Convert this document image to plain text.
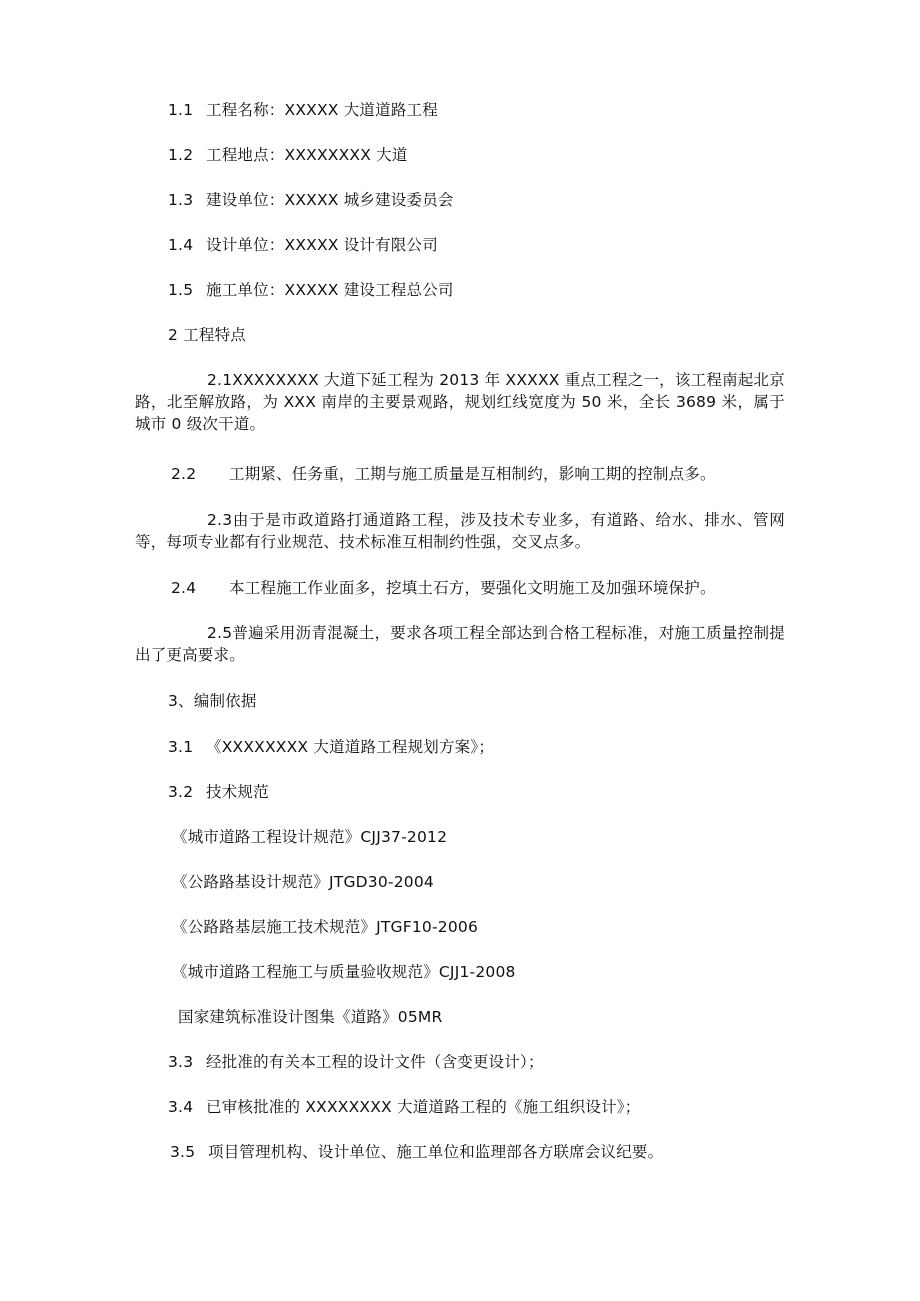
1.1 工程名称：XXXXX 大道道路工程
1.2 工程地点：XXXXXXXX 大道
1.3 建设单位：XXXXX 城乡建设委员会
1.4 设计单位：XXXXX 设计有限公司
1.5 施工单位：XXXXX 建设工程总公司
2 工程特点
2.1XXXXXXXX 大道下延工程为 2013 年 XXXXX 重点工程之一，该工程南起北京路，北至解放路，为 XXX 南岸的主要景观路，规划红线宽度为 50 米，全长 3689 米，属于城市 0 级次干道。
2.2 工期紧、任务重，工期与施工质量是互相制约，影响工期的控制点多。
2.3由于是市政道路打通道路工程，涉及技术专业多，有道路、给水、排水、管网等，每项专业都有行业规范、技术标准互相制约性强，交叉点多。
2.4 本工程施工作业面多，挖填土石方，要强化文明施工及加强环境保护。
2.5普遍采用沥青混凝土，要求各项工程全部达到合格工程标准，对施工质量控制提出了更高要求。
3、编制依据
3.1 《XXXXXXXX 大道道路工程规划方案》；
3.2 技术规范
《城市道路工程设计规范》CJJ37-2012
《公路路基设计规范》JTGD30-2004
《公路路基层施工技术规范》JTGF10-2006
《城市道路工程施工与质量验收规范》CJJ1-2008
国家建筑标准设计图集《道路》05MR
3.3 经批准的有关本工程的设计文件（含变更设计）；
3.4 已审核批准的 XXXXXXXX 大道道路工程的《施工组织设计》；
3.5 项目管理机构、设计单位、施工单位和监理部各方联席会议纪要。
